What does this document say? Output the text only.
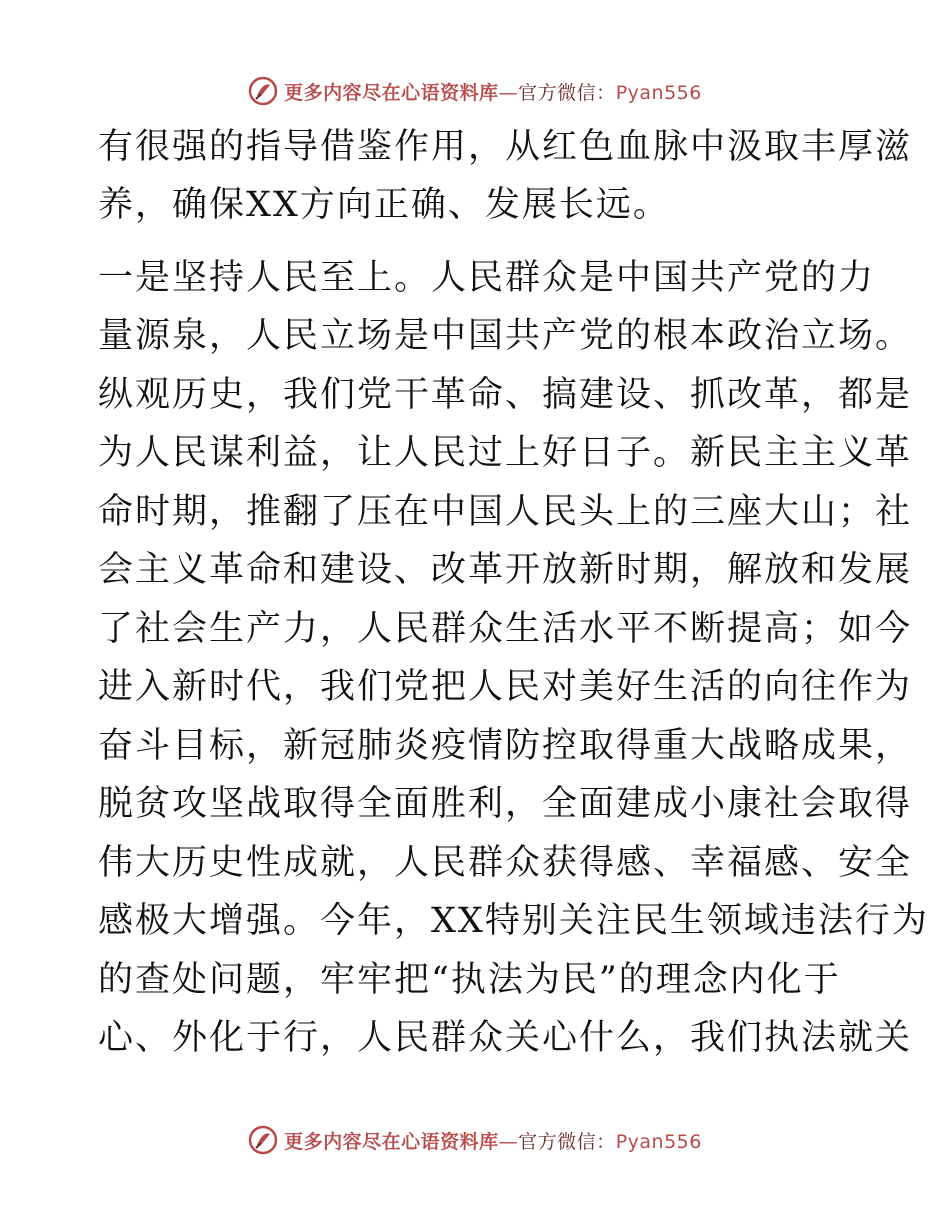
更多内容尽在心语资料库—官方微信：Pyan556
有很强的指导借鉴作用，从红色血脉中汲取丰厚滋
养，确保XX方向正确、发展长远。
一是坚持人民至上。人民群众是中国共产党的力
量源泉，人民立场是中国共产党的根本政治立场。
纵观历史，我们党干革命、搞建设、抓改革，都是
为人民谋利益，让人民过上好日子。新民主主义革
命时期，推翻了压在中国人民头上的三座大山；社
会主义革命和建设、改革开放新时期，解放和发展
了社会生产力，人民群众生活水平不断提高；如今
进入新时代，我们党把人民对美好生活的向往作为
奋斗目标，新冠肺炎疫情防控取得重大战略成果，
脱贫攻坚战取得全面胜利，全面建成小康社会取得
伟大历史性成就，人民群众获得感、幸福感、安全
感极大增强。今年，XX特别关注民生领域违法行为
的查处问题，牢牢把“执法为民”的理念内化于
心、外化于行，人民群众关心什么，我们执法就关
更多内容尽在心语资料库—官方微信：Pyan556
